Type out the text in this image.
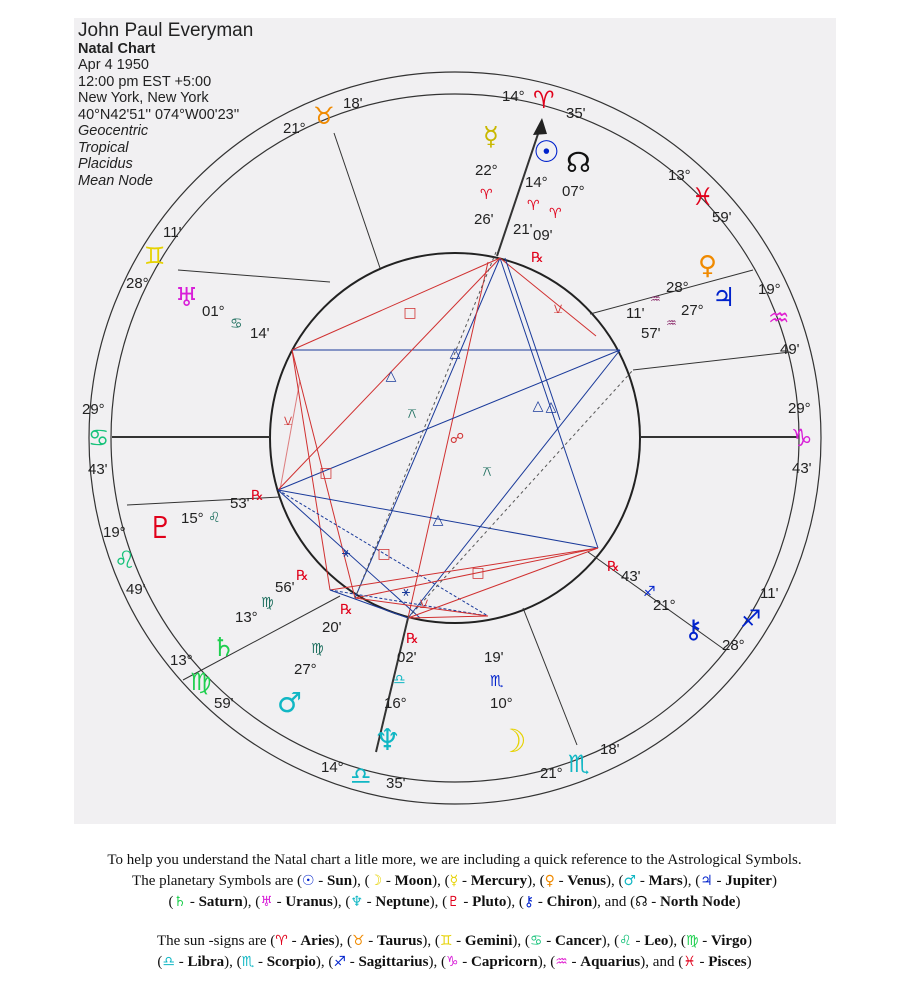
□
□
□
□
△
△
△ △
△
⚹
⚹
⚻
⚻
☍
⚺
⚺
⚺
14° ♈ 35'
13°
♓
59'
19°
♒
49'
29°
♑
43'
11'
♐
28°
21° ♏
18'
14° ♎ 35'
13°
♍
59'
19°
♌
49'
29°
♋
43'
11'
♊
28°
21° ♉ 18'
☿
22°
♈
26'
☉
14°
♈
21'
☊
07°
♈
09'
℞	♀
28°
♒
11'
♃
27°
♒
57'
℞
43'
♐
21°
⚷
19'
♏
10°
☽
℞
02'
♎
16°
♆
℞
20'
♍
27°
♂
℞
56'
♍
13°
♄
♇ 15° ♌
53' ℞
♅ 01°
♋
14'
John Paul Everyman
Natal Chart
Apr 4 1950
12:00 pm EST +5:00
New York, New York
40°N42'51'' 074°W00'23''
Geocentric
Tropical
Placidus
Mean Node

To help you understand the Natal chart a litle more, we are including a quick reference to the Astrological Symbols.

The planetary Symbols are (☉ - Sun), (☽ - Moon), (☿ - Mercury), (♀ - Venus), (♂ - Mars), (♃ - Jupiter)

(♄ - Saturn), (♅ - Uranus), (♆ - Neptune), (♇ - Pluto), (⚷ - Chiron), and (☊ - North Node)

The sun -signs are (♈ - Aries), (♉ - Taurus), (♊ - Gemini), (♋ - Cancer), (♌ - Leo), (♍ - Virgo)

(♎ - Libra), (♏ - Scorpio), (♐ - Sagittarius), (♑ - Capricorn), (♒ - Aquarius), and (♓ - Pisces)
